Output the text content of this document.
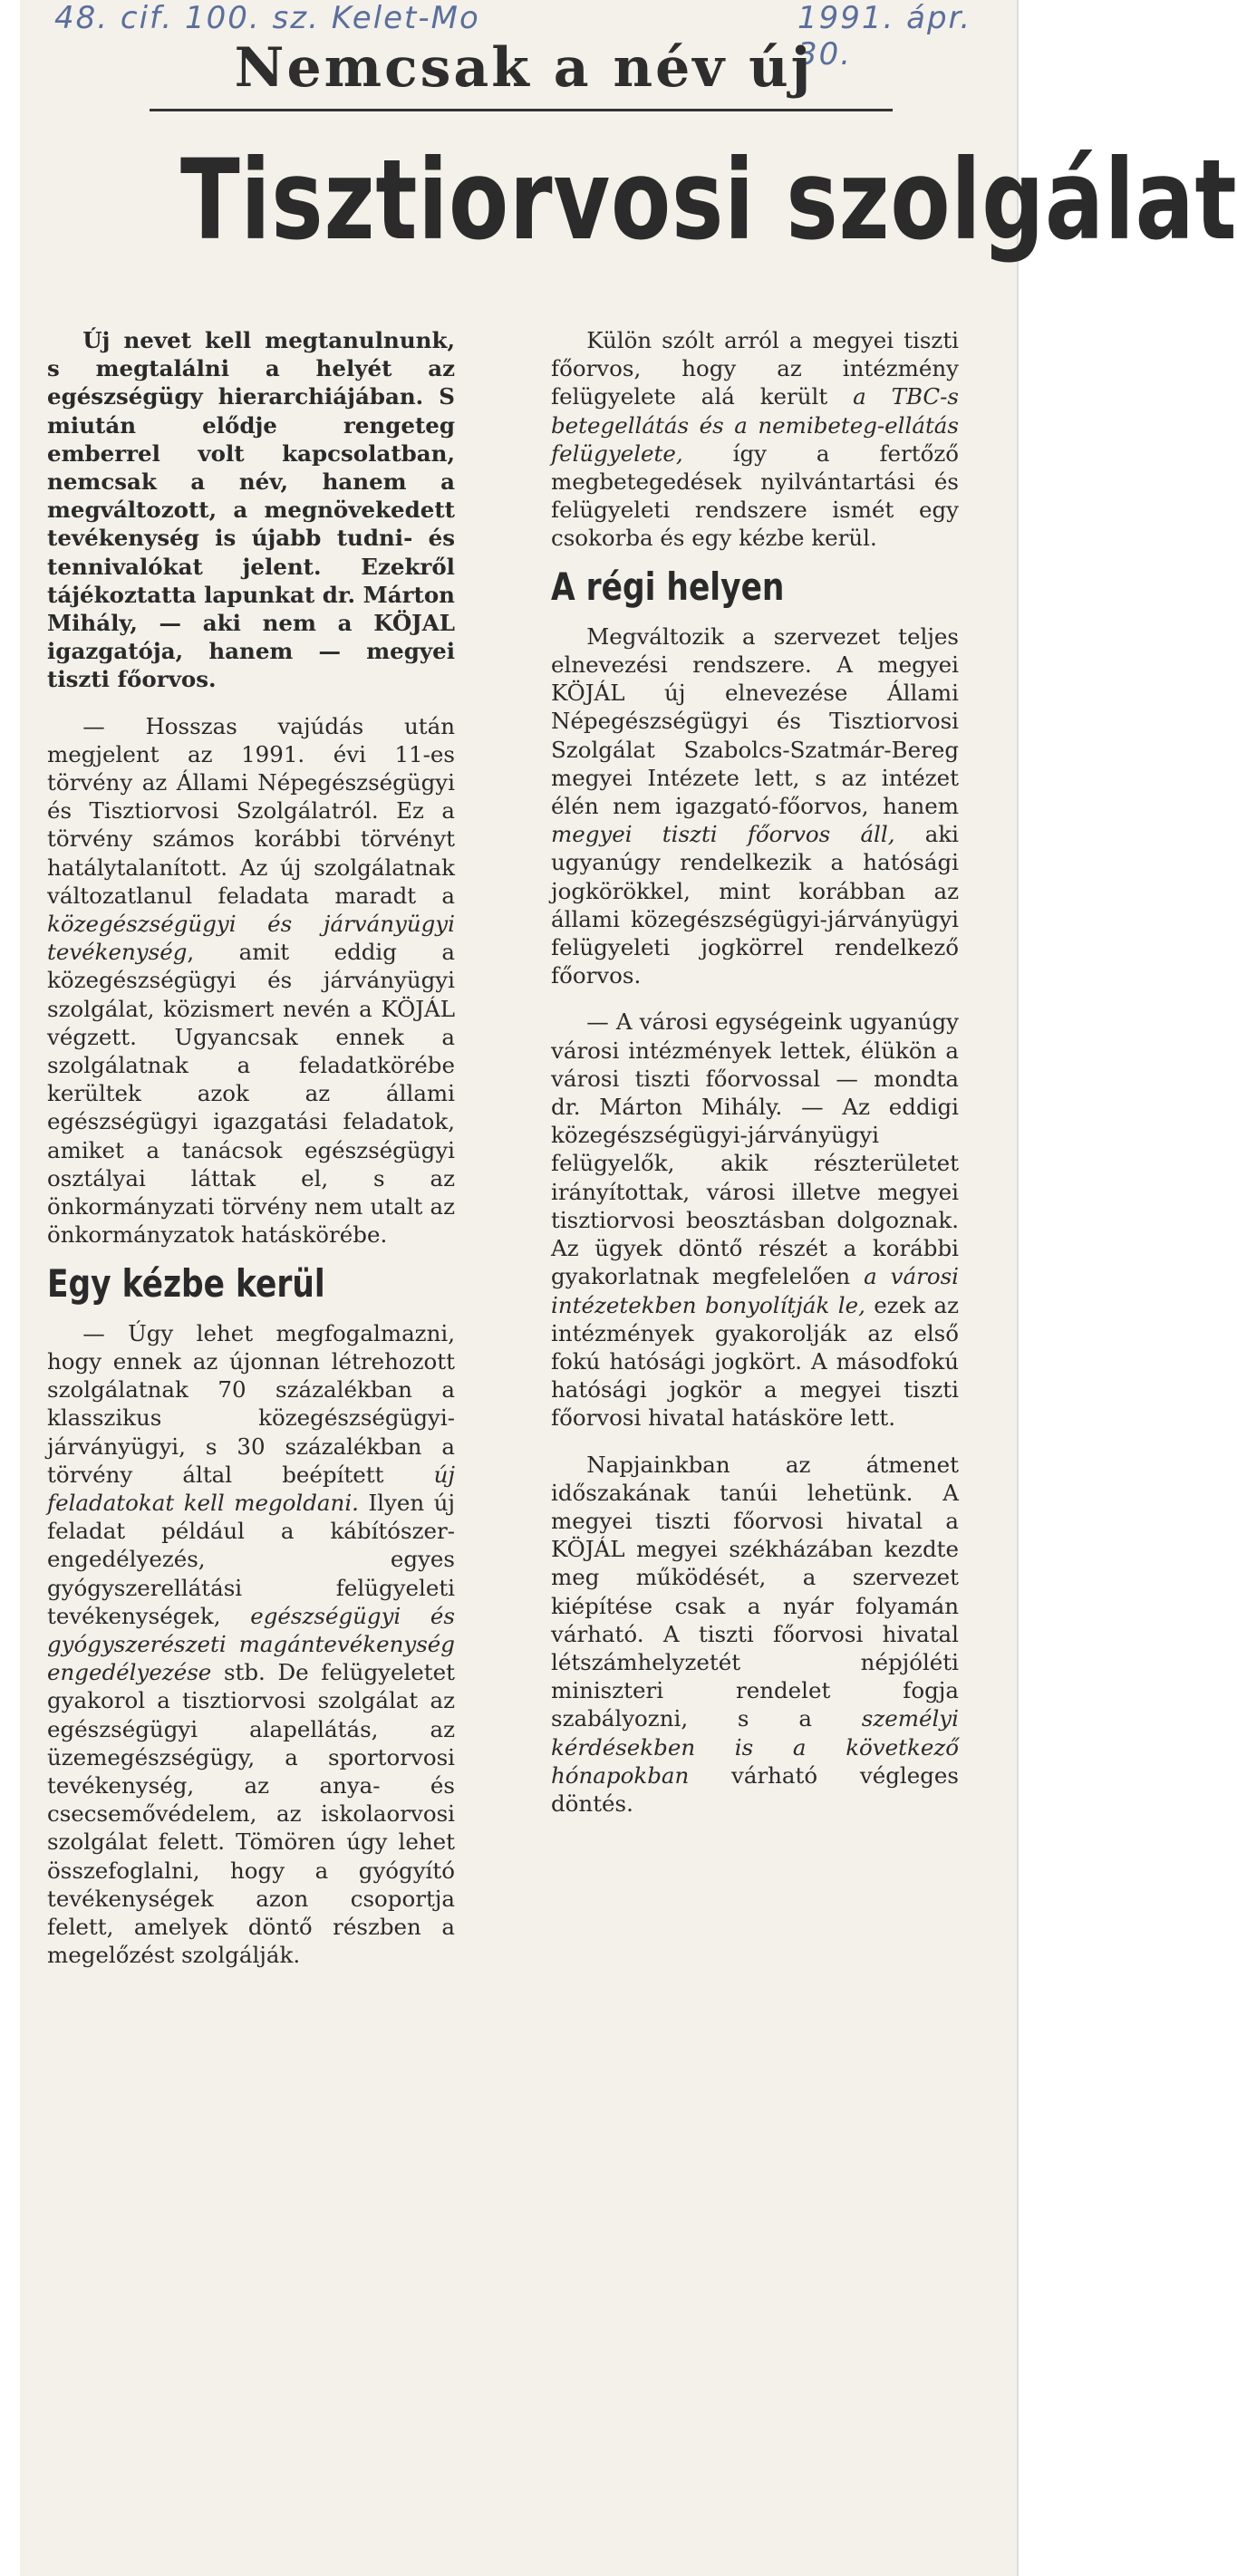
48. cif. 100. sz. Kelet-Mo	1991. ápr. 30.
Nemcsak a név új
Tisztiorvosi szolgálat

Új nevet kell megtanulnunk, s megtalálni a helyét az egészségügy hierarchiájában. S miután elődje rengeteg emberrel volt kapcsolatban, nemcsak a név, hanem a megváltozott, a megnövekedett tevékenység is újabb tudni- és tennivalókat jelent. Ezekről tájékoztatta lapunkat dr. Márton Mihály, — aki nem a KÖJAL igazgatója, hanem — megyei tiszti főorvos.

— Hosszas vajúdás után megjelent az 1991. évi 11-es törvény az Állami Népegészségügyi és Tisztiorvosi Szolgálatról. Ez a törvény számos korábbi törvényt hatálytalanított. Az új szolgálatnak változatlanul feladata maradt a közegészségügyi és járványügyi tevékenység, amit eddig a közegészségügyi és járványügyi szolgálat, közismert nevén a KÖJÁL végzett. Ugyancsak ennek a szolgálatnak a feladatkörébe kerültek azok az állami egészségügyi igazgatási feladatok, amiket a tanácsok egészségügyi osztályai láttak el, s az önkormányzati törvény nem utalt az önkormányzatok hatáskörébe.

Egy kézbe kerül

— Úgy lehet megfogalmazni, hogy ennek az újonnan létrehozott szolgálatnak 70 százalékban a klasszikus közegészségügyi-járványügyi, s 30 százalékban a törvény által beépített új feladatokat kell megoldani. Ilyen új feladat például a kábítószer-engedélyezés, egyes gyógyszerellátási felügyeleti tevékenységek, egészségügyi és gyógyszerészeti magántevékenység engedélyezése stb. De felügyeletet gyakorol a tisztiorvosi szolgálat az egészségügyi alapellátás, az üzemegészségügy, a sportorvosi tevékenység, az anya- és csecsemővédelem, az iskolaorvosi szolgálat felett. Tömören úgy lehet összefoglalni, hogy a gyógyító tevékenységek azon csoportja felett, amelyek döntő részben a megelőzést szolgálják.

Külön szólt arról a megyei tiszti főorvos, hogy az intézmény felügyelete alá került a TBC-s betegellátás és a nemibeteg-ellátás felügyelete, így a fertőző megbetegedések nyilvántartási és felügyeleti rendszere ismét egy csokorba és egy kézbe kerül.

A régi helyen

Megváltozik a szervezet teljes elnevezési rendszere. A megyei KÖJÁL új elnevezése Állami Népegészségügyi és Tisztiorvosi Szolgálat Szabolcs-Szatmár-Bereg megyei Intézete lett, s az intézet élén nem igazgató-főorvos, hanem megyei tiszti főorvos áll, aki ugyanúgy rendelkezik a hatósági jogkörökkel, mint korábban az állami közegészségügyi-járványügyi felügyeleti jogkörrel rendelkező főorvos.

— A városi egységeink ugyanúgy városi intézmények lettek, élükön a városi tiszti főorvossal — mondta dr. Márton Mihály. — Az eddigi közegészségügyi-járványügyi felügyelők, akik részterületet irányítottak, városi illetve megyei tisztiorvosi beosztásban dolgoznak. Az ügyek döntő részét a korábbi gyakorlatnak megfelelően a városi intézetekben bonyolítják le, ezek az intézmények gyakorolják az első fokú hatósági jogkört. A másodfokú hatósági jogkör a megyei tiszti főorvosi hivatal hatásköre lett.

Napjainkban az átmenet időszakának tanúi lehetünk. A megyei tiszti főorvosi hivatal a KÖJÁL megyei székházában kezdte meg működését, a szervezet kiépítése csak a nyár folyamán várható. A tiszti főorvosi hivatal létszámhelyzetét népjóléti miniszteri rendelet fogja szabályozni, s a személyi kérdésekben is a következő hónapokban várható végleges döntés.
